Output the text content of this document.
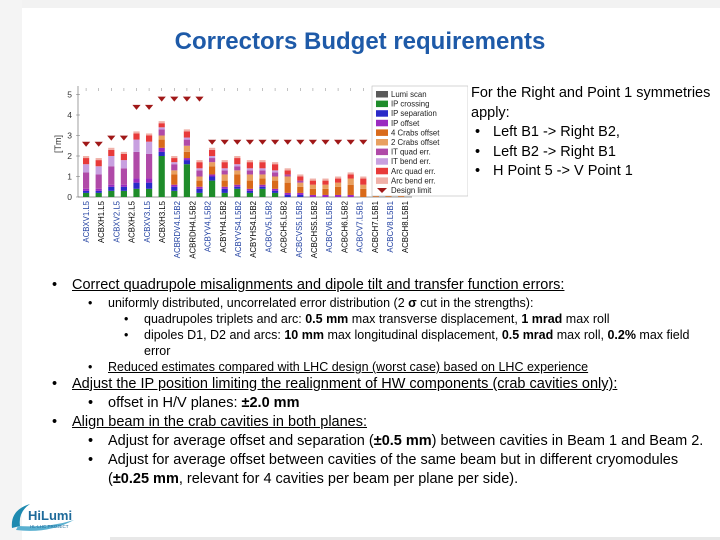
Correctors Budget requirements
[Tm]
0
1
2
3
4
5
ACBXV1.L5 ACBXH1.L5 ACBXV2.L5 ACBXH2.L5 ACBXV3.L5 ACBXH3.L5 ACBRDV4.L5B2 ACBRDH4.L5B2 ACBYV4.L5B2 ACBYH4.L5B2 ACBYVS4.L5B2 ACBYHS4.L5B2 ACBCV5.L5B2 ACBCH5.L5B2 ACBCVS5.L5B2 ACBCHS5.L5B2 ACBCV6.L5B2 ACBCH6.L5B2 ACBCV7.L5B1 ACBCH7.L5B1 ACBCV8.L5B1 ACBCH8.L5B1
Lumi scan
IP crossing
IP separation
IP offset
4 Crabs offset
2 Crabs offset
IT quad err.
IT bend err.
Arc quad err.
Arc bend err.
Design limit
For the Right and Point 1 symmetries apply:
• Left B1 -> Right B2,
• Left B2 -> Right B1
• H Point 5 -> V Point 1
• Correct quadrupole misalignments and dipole tilt and transfer function errors:
• uniformly distributed, uncorrelated error distribution (2 σ cut in the strengths):
• quadrupoles triplets and arc: 0.5 mm max transverse displacement, 1 mrad max roll
• dipoles D1, D2 and arcs: 10 mm max longitudinal displacement, 0.5 mrad max roll, 0.2% max field error
• Reduced estimates compared with LHC design (worst case) based on LHC experience
• Adjust the IP position limiting the realignment of HW components (crab cavities only):
• offset in H/V planes: ±2.0 mm
• Align beam in the crab cavities in both planes:
• Adjust for average offset and separation (±0.5 mm) between cavities in Beam 1 and Beam 2.
• Adjust for average offset between cavities of the same beam but in different cryomodules (±0.25 mm, relevant for 4 cavities per beam per plane per side).
HiLumi
HL-LHC PROJECT
